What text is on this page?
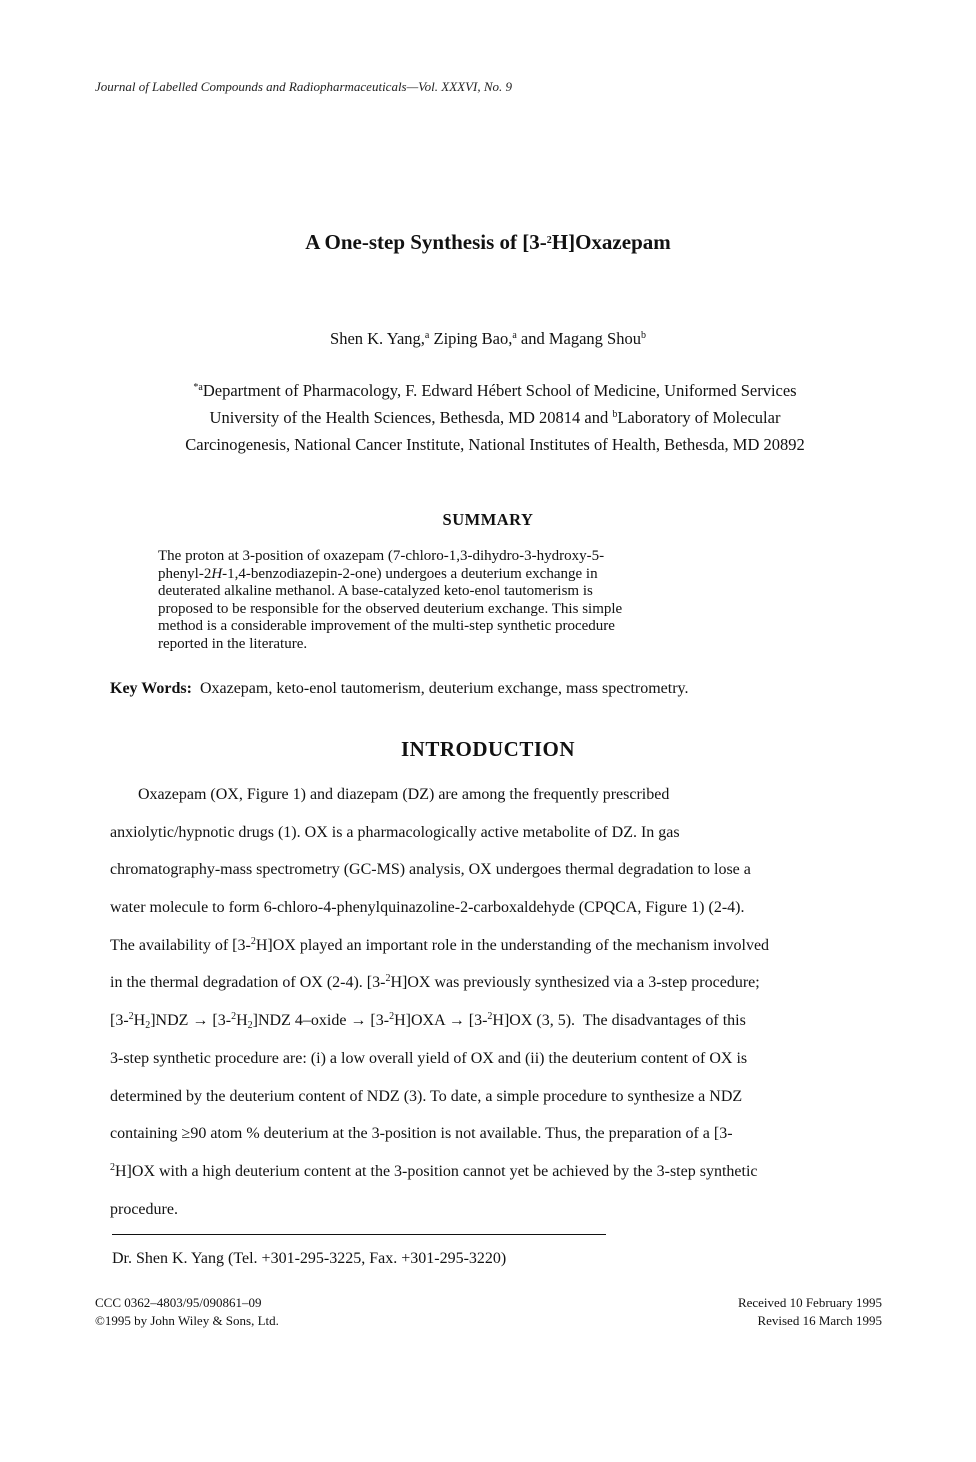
Journal of Labelled Compounds and Radiopharmaceuticals—Vol. XXXVI, No. 9
A One-step Synthesis of [3-$^2$H]Oxazepam
Shen K. Yang,$^a$ Ziping Bao,$^a$ and Magang Shou$^b$
$^{*a}$Department of Pharmacology, F. Edward Hébert School of Medicine, Uniformed Services
University of the Health Sciences, Bethesda, MD 20814 and $^b$Laboratory of Molecular
Carcinogenesis, National Cancer Institute, National Institutes of Health, Bethesda, MD 20892
SUMMARY
The proton at 3-position of oxazepam (7-chloro-1,3-dihydro-3-hydroxy-5-
phenyl-2H-1,4-benzodiazepin-2-one) undergoes a deuterium exchange in
deuterated alkaline methanol. A base-catalyzed keto-enol tautomerism is
proposed to be responsible for the observed deuterium exchange. This simple
method is a considerable improvement of the multi-step synthetic procedure
reported in the literature.
Key Words:  Oxazepam, keto-enol tautomerism, deuterium exchange, mass spectrometry.
INTRODUCTION
Oxazepam (OX, Figure 1) and diazepam (DZ) are among the frequently prescribed
anxiolytic/hypnotic drugs (1). OX is a pharmacologically active metabolite of DZ. In gas
chromatography-mass spectrometry (GC-MS) analysis, OX undergoes thermal degradation to lose a
water molecule to form 6-chloro-4-phenylquinazoline-2-carboxaldehyde (CPQCA, Figure 1) (2-4).
The availability of [3-$^2$H]OX played an important role in the understanding of the mechanism involved
in the thermal degradation of OX (2-4). [3-$^2$H]OX was previously synthesized via a 3-step procedure;
$[3-^2H_2]NDZ \to [3-^2H_2]NDZ$ 4–oxide → [3-$^2$H]OXA → [3-$^2$H]OX (3, 5).  The disadvantages of this
3-step synthetic procedure are: (i) a low overall yield of OX and (ii) the deuterium content of OX is
determined by the deuterium content of NDZ (3). To date, a simple procedure to synthesize a NDZ
containing ≥90 atom % deuterium at the 3-position is not available. Thus, the preparation of a [3-
$^2$H]OX with a high deuterium content at the 3-position cannot yet be achieved by the 3-step synthetic
procedure.
Dr. Shen K. Yang (Tel. +301-295-3225, Fax. +301-295-3220)
CCC 0362–4803/95/090861–09
©1995 by John Wiley & Sons, Ltd.
Received 10 February 1995
Revised 16 March 1995
